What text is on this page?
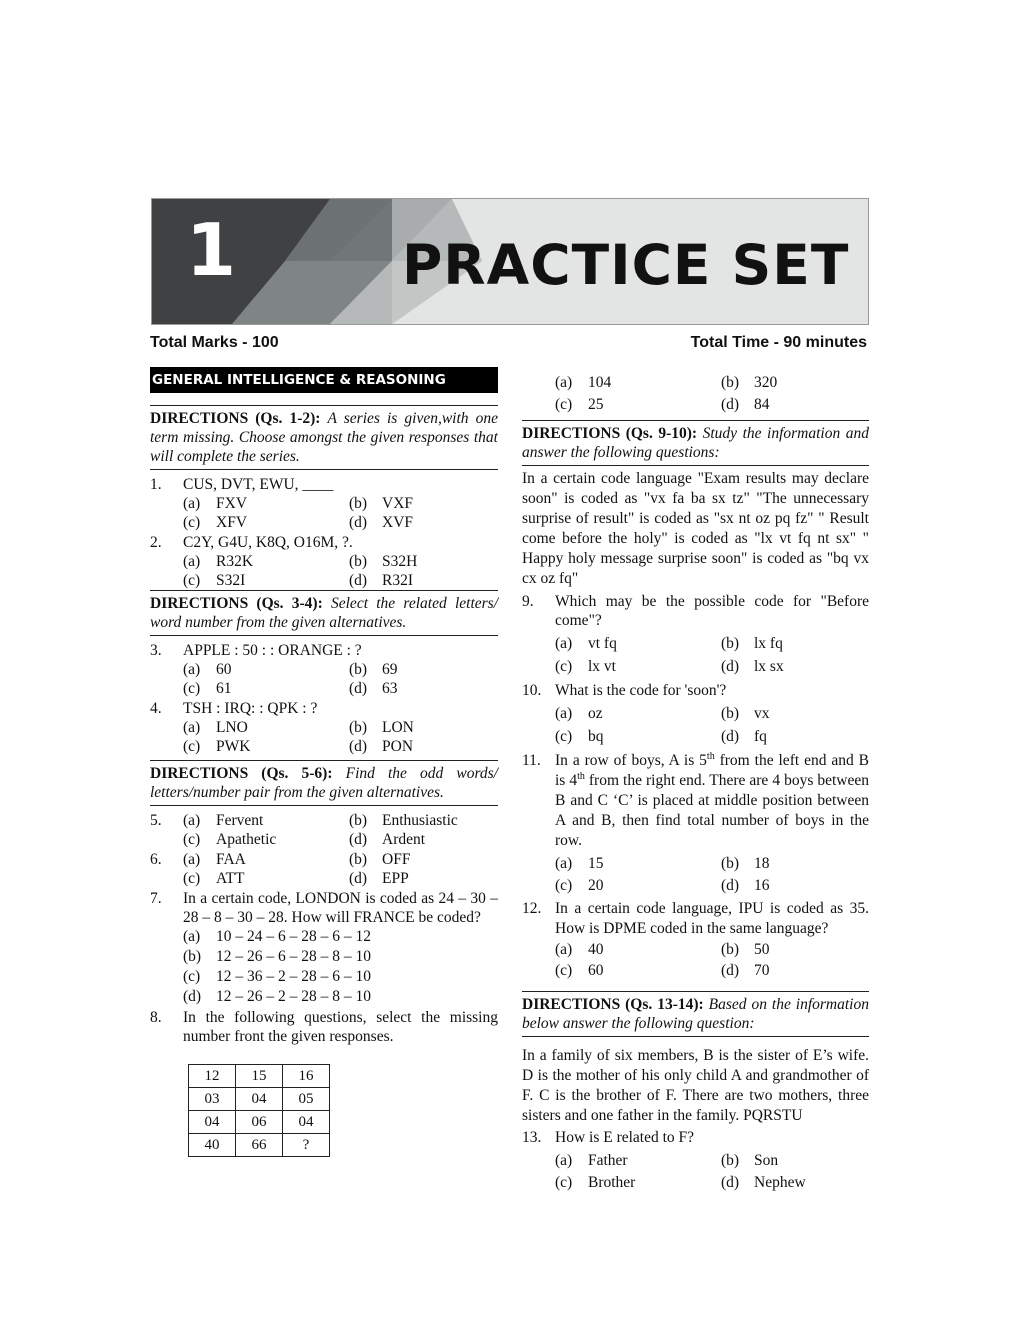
1	PRACTICE SET
Total Marks - 100	Total Time - 90 minutes
GENERAL INTELLIGENCE & REASONING
DIRECTIONS (Qs. 1-2): A series is given,with one term missing. Choose amongst the given responses that will complete the series.
1.	CUS, DVT, EWU, ____
(a)	FXV	(b) VXF
(c)	XFV	(d) XVF
2.	C2Y, G4U, K8Q, O16M, ?.
(a)	R32K	(b) S32H
(c)	S32I	(d) R32I
DIRECTIONS (Qs. 3-4): Select the related letters/ word number from the given alternatives.
3.	APPLE : 50 : : ORANGE : ?
(a)	60	(b) 69
(c)	61	(d) 63
4.	TSH : IRQ: : QPK : ?
(a)	LNO	(b) LON
(c)	PWK	(d) PON
DIRECTIONS (Qs. 5-6): Find the odd words/ letters/number pair from the given alternatives.
5.	(a)	Fervent	(b) Enthusiastic
(c)	Apathetic	(d) Ardent
6.	(a)	FAA	(b) OFF
(c)	ATT	(d) EPP
7.	In a certain code, LONDON is coded as 24 – 30 – 28 – 8 – 30 – 28. How will FRANCE be coded?
(a)	10 – 24 – 6 – 28 – 6 – 12
(b) 12 – 26 – 6 – 28 – 8 – 10
(c)	12 – 36 – 2 – 28 – 6 – 10
(d) 12 – 26 – 2 – 28 – 8 – 10
8.	In the following questions, select the missing number front the given responses.
12	15	16
03	04	05
04	06	04
40	66	?
(a)	104	(b) 320
(c)	25	(d) 84
DIRECTIONS (Qs. 9-10): Study the information and answer the following questions:
In a certain code language "Exam results may declare soon" is coded as "vx fa ba sx tz" "The unnecessary surprise of result" is coded as "sx nt oz pq fz" " Result come before the holy" is coded as "lx vt fq nt sx" " Happy holy message surprise soon" is coded as "bq vx cx oz fq"
9.	Which may be the possible code for "Before come"?
(a)	vt fq	(b) lx fq
(c)	lx vt	(d) lx sx
10. What is the code for 'soon'?
(a)	oz	(b) vx
(c)	bq	(d) fq
11. In a row of boys, A is 5th from the left end and B is 4th from the right end. There are 4 boys between B and C ‘C’ is placed at middle position between A and B, then find total number of boys in the row.
(a)	15	(b) 18
(c)	20	(d) 16
12. In a certain code language, IPU is coded as 35. How is DPME coded in the same language?
(a)	40	(b) 50
(c)	60	(d) 70
DIRECTIONS (Qs. 13-14): Based on the information below answer the following question:
In a family of six members, B is the sister of E’s wife. D is the mother of his only child A and grandmother of F. C is the brother of F. There are two mothers, three sisters and one father in the family. PQRSTU
13. How is E related to F?
(a)	Father	(b) Son
(c)	Brother	(d) Nephew
